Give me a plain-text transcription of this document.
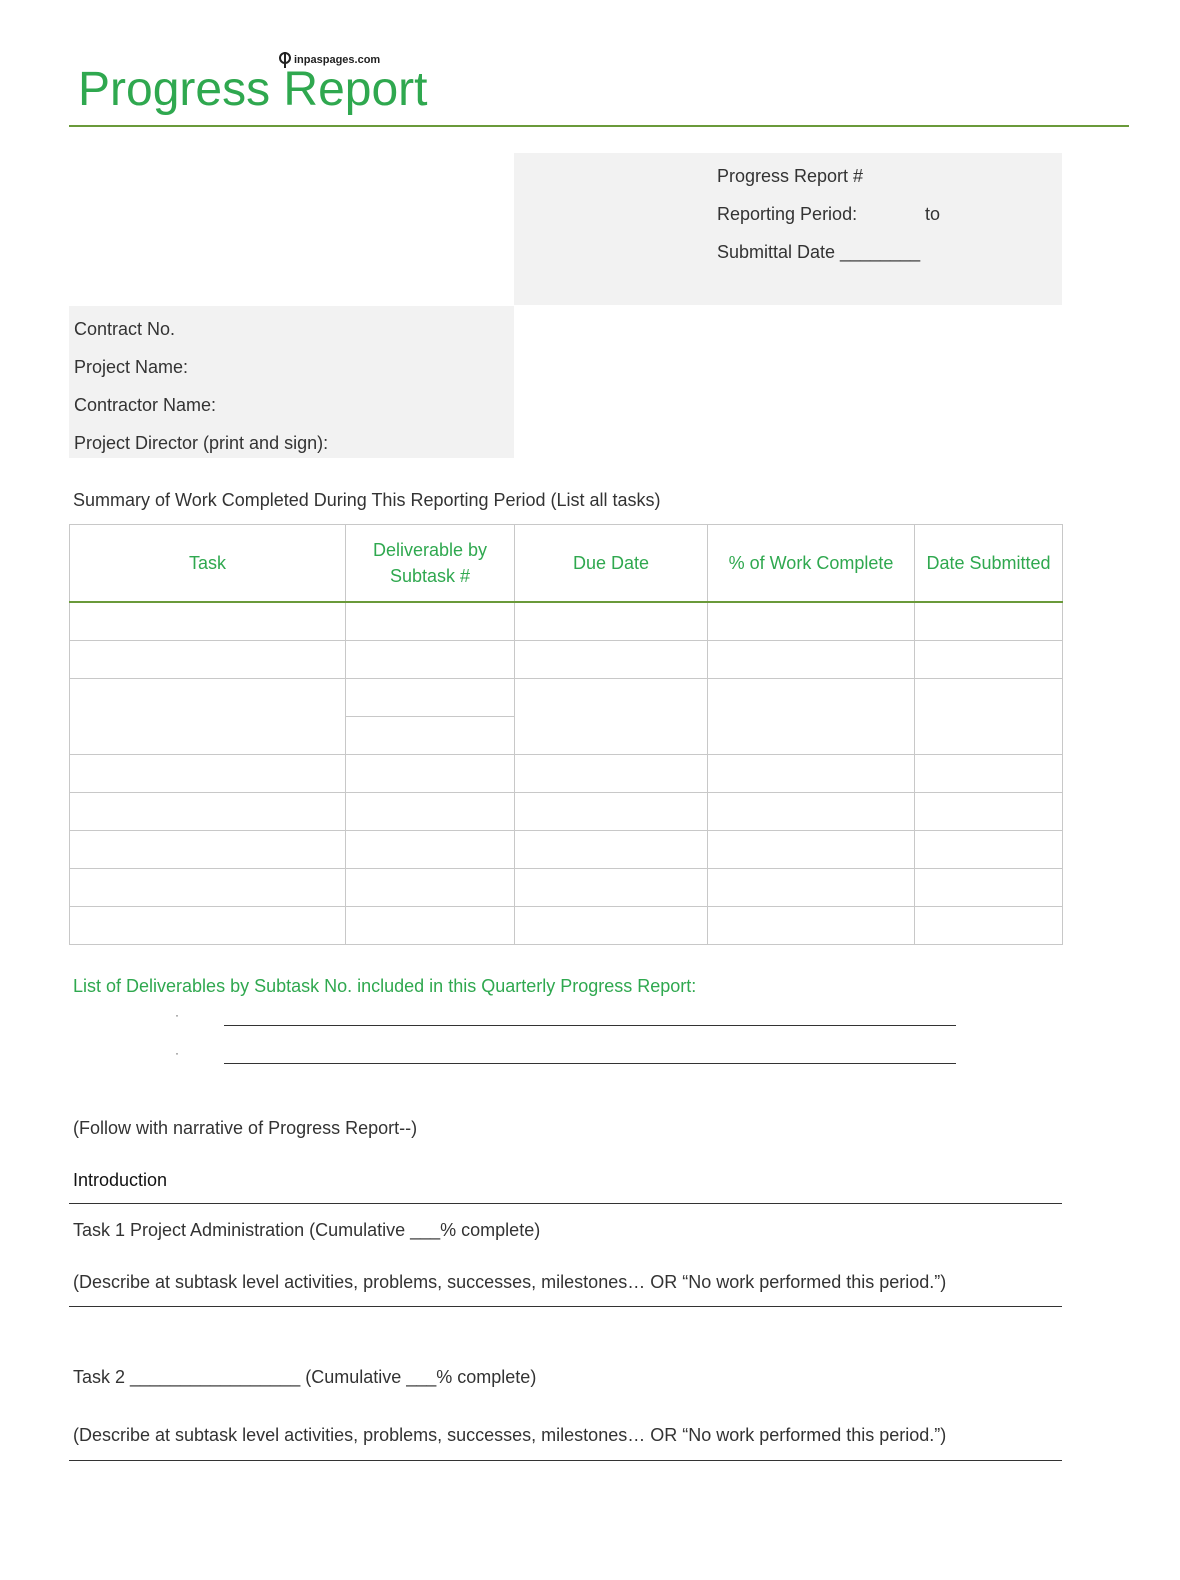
inpaspages.com
Progress Report
Progress Report #
Reporting Period:	to
Submittal Date ________
Contract No.
Project Name:
Contractor Name:
Project Director (print and sign):
Summary of Work Completed During This Reporting Period (List all tasks)
Task	Deliverable by Subtask #	Due Date	% of Work Complete	Date Submitted

List of Deliverables by Subtask No. included in this Quarterly Progress Report:
·
·
(Follow with narrative of Progress Report--)
Introduction
Task 1 Project Administration (Cumulative ___% complete)
(Describe at subtask level activities, problems, successes, milestones… OR “No work performed this period.”)
Task 2 _________________ (Cumulative ___% complete)
(Describe at subtask level activities, problems, successes, milestones… OR “No work performed this period.”)
